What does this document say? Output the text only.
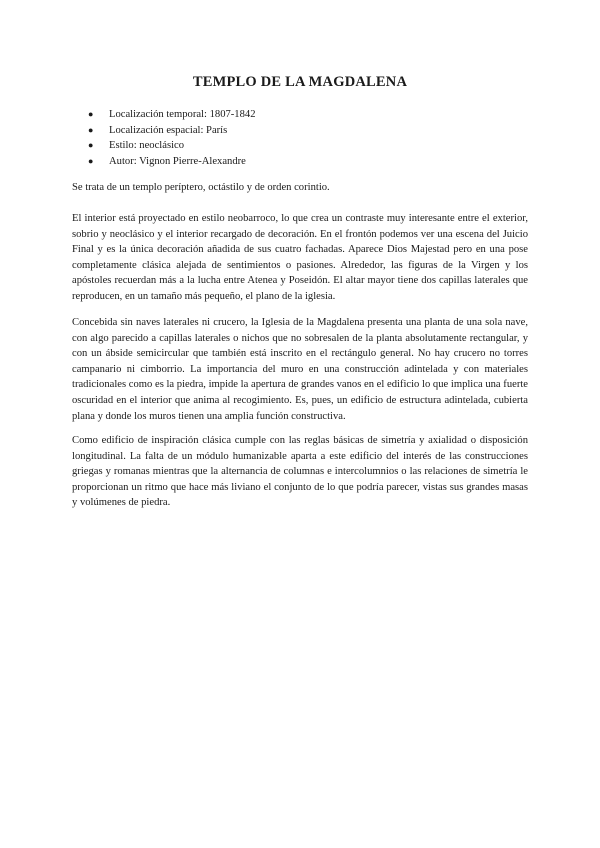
TEMPLO DE LA MAGDALENA
● Localización temporal: 1807-1842
● Localización espacial: París
● Estilo: neoclásico
● Autor: Vignon Pierre-Alexandre

Se trata de un templo períptero, octástilo y de orden corintio.

El interior está proyectado en estilo neobarroco, lo que crea un contraste muy interesante entre el exterior, sobrio y neoclásico y el interior recargado de decoración. En el frontón podemos ver una escena del Juicio Final y es la única decoración añadida de sus cuatro fachadas. Aparece Dios Majestad pero en una pose completamente clásica alejada de sentimientos o pasiones. Alrededor, las figuras de la Virgen y los apóstoles recuerdan más a la lucha entre Atenea y Poseidón. El altar mayor tiene dos capillas laterales que reproducen, en un tamaño más pequeño, el plano de la iglesia.

Concebida sin naves laterales ni crucero, la Iglesia de la Magdalena presenta una planta de una sola nave, con algo parecido a capillas laterales o nichos que no sobresalen de la planta absolutamente rectangular, y con un ábside semicircular que también está inscrito en el rectángulo general. No hay crucero no torres campanario ni cimborrio. La importancia del muro en una construcción adintelada y con materiales tradicionales como es la piedra, impide la apertura de grandes vanos en el edificio lo que implica una fuerte oscuridad en el interior que anima al recogimiento. Es, pues, un edificio de estructura adintelada, cubierta plana y donde los muros tienen una amplia función constructiva.

Como edificio de inspiración clásica cumple con las reglas básicas de simetría y axialidad o disposición longitudinal. La falta de un módulo humanizable aparta a este edificio del interés de las construcciones griegas y romanas mientras que la alternancia de columnas e intercolumnios o las relaciones de simetría le proporcionan un ritmo que hace más liviano el conjunto de lo que podría parecer, vistas sus grandes masas y volúmenes de piedra.
